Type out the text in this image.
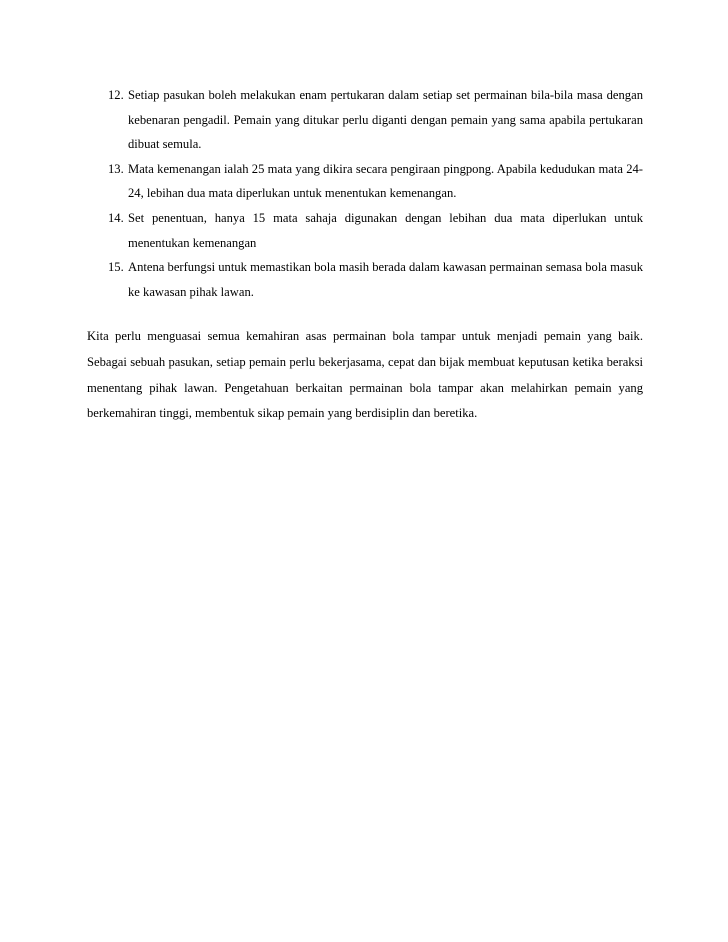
12. Setiap pasukan boleh melakukan enam pertukaran dalam setiap set permainan bila-bila masa dengan kebenaran pengadil. Pemain yang ditukar perlu diganti dengan pemain yang sama apabila pertukaran dibuat semula.
13. Mata kemenangan ialah 25 mata yang dikira secara pengiraan pingpong. Apabila kedudukan mata 24-24, lebihan dua mata diperlukan untuk menentukan kemenangan.
14. Set penentuan, hanya 15 mata sahaja digunakan dengan lebihan dua mata diperlukan untuk menentukan kemenangan
15. Antena berfungsi untuk memastikan bola masih berada dalam kawasan permainan semasa bola masuk ke kawasan pihak lawan.

Kita perlu menguasai semua kemahiran asas permainan bola tampar untuk menjadi pemain yang baik. Sebagai sebuah pasukan, setiap pemain perlu bekerjasama, cepat dan bijak membuat keputusan ketika beraksi menentang pihak lawan. Pengetahuan berkaitan permainan bola tampar akan melahirkan pemain yang berkemahiran tinggi, membentuk sikap pemain yang berdisiplin dan beretika.
